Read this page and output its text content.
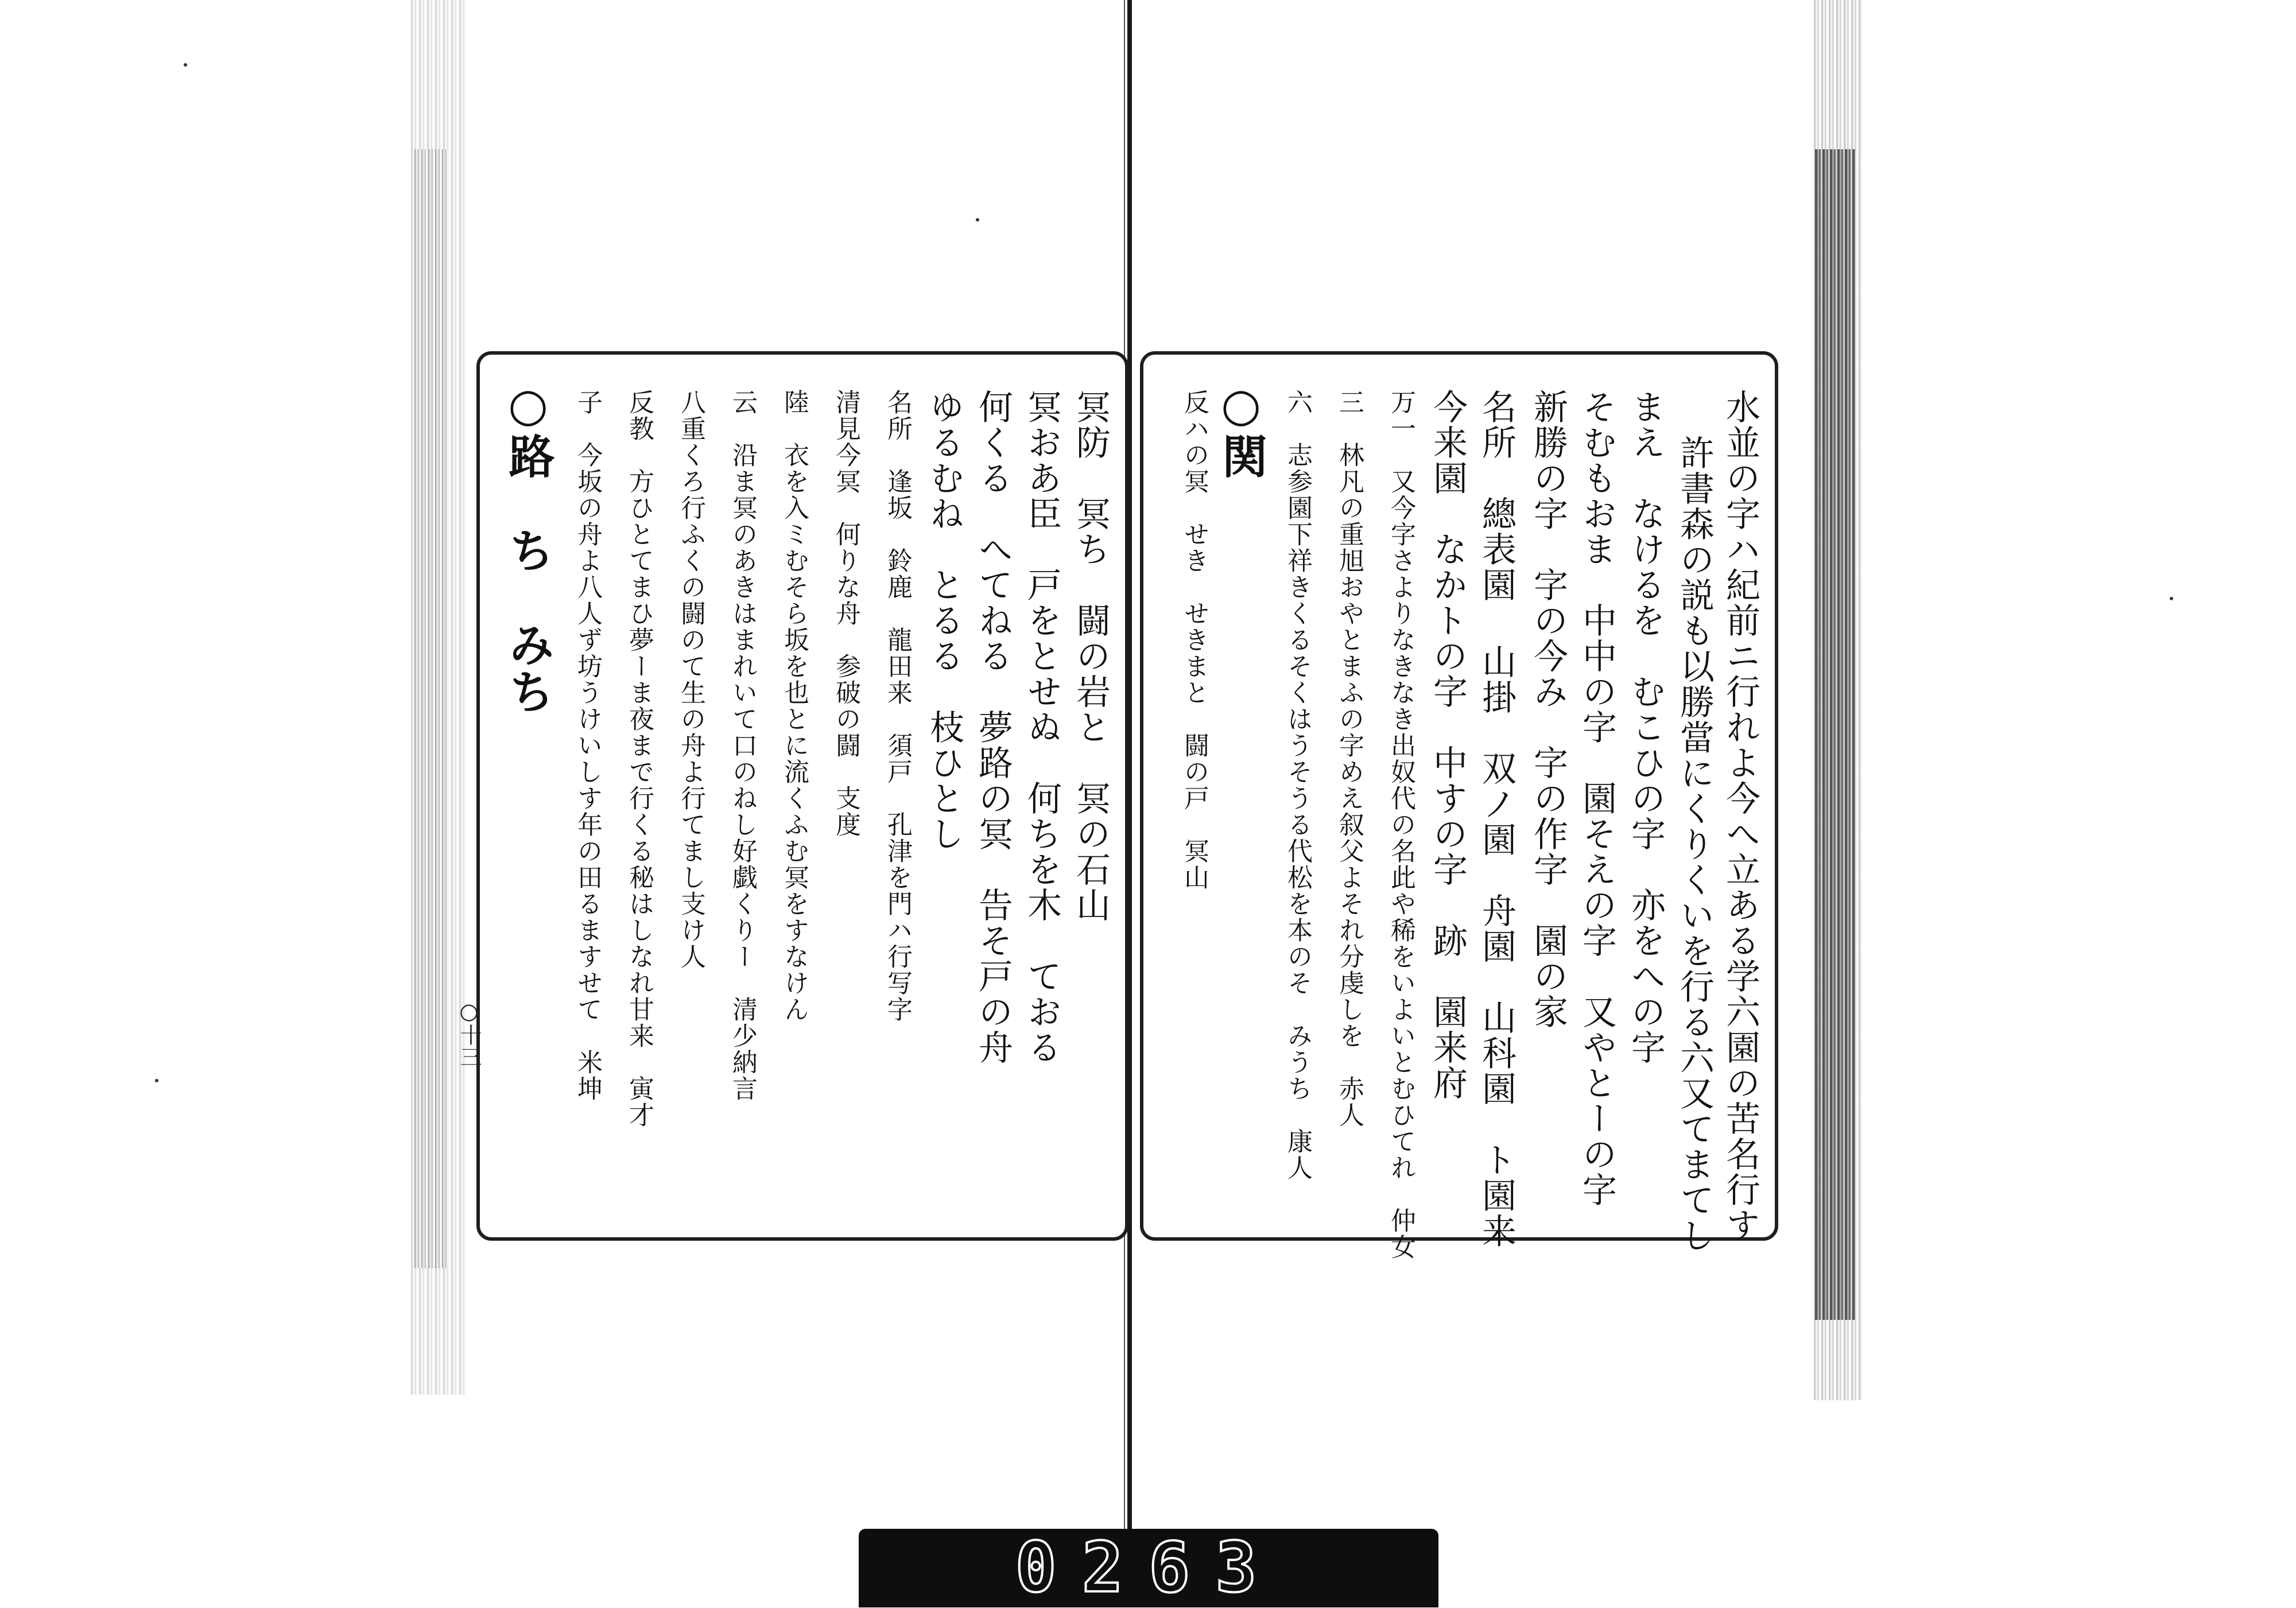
水並の字ハ紀前ニ行れよ今へ立ある学六園の苦名行す
許書森の説も以勝當にくりくいを行る六又てまてし
まえ　なけるを　むこひの字　亦をへの字
そむもおま　中中の字　園そえの字　又やとーの字
新勝の字　字の今み　字の作字　園の家
名所　總表園 山掛　双ノ園　舟園　山科園　ト園来
今来園　なかトの字　中すの字　跡　園来府
万一　又今字さよりなきなき出奴代の名此や稀をいよいとむひてれ　仲女
三　林凡の重旭おやとまふの字めえ叙父よそれ分虔しを　赤人
六　志参園下祥きくるそくはうそうる代松を本のそ　みうち　康人
○関
反ハの冥　せき　せきまと　闘の戸　冥山
冥防　冥ち　闘の岩と　冥の石山
冥おあ臣　戸をとせぬ　何ちを木　ておる
何くる　へてねる　夢路の冥　告そ戸の舟
ゆるむね　とるる　枝ひとし
名所　逢坂　鈴鹿　龍田来　須戸　孔津を門ハ行写字
清見今冥　何りな舟　参破の闘　支度
陸　衣を入ミむそら坂を也とに流くふむ冥をすなけん
云　沿ま冥のあきはまれいて口のねし好戯くりー　清少納言
八重くろ行ふくの闘のて生の舟よ行てまし支け人
反教　方ひとてまひ夢ーま夜まで行くる秘はしなれ甘来　寅才
子　今坂の舟よ八人ず坊うけいしす年の田るますせて　米坤
○路　ち　みち
○十三
0263
